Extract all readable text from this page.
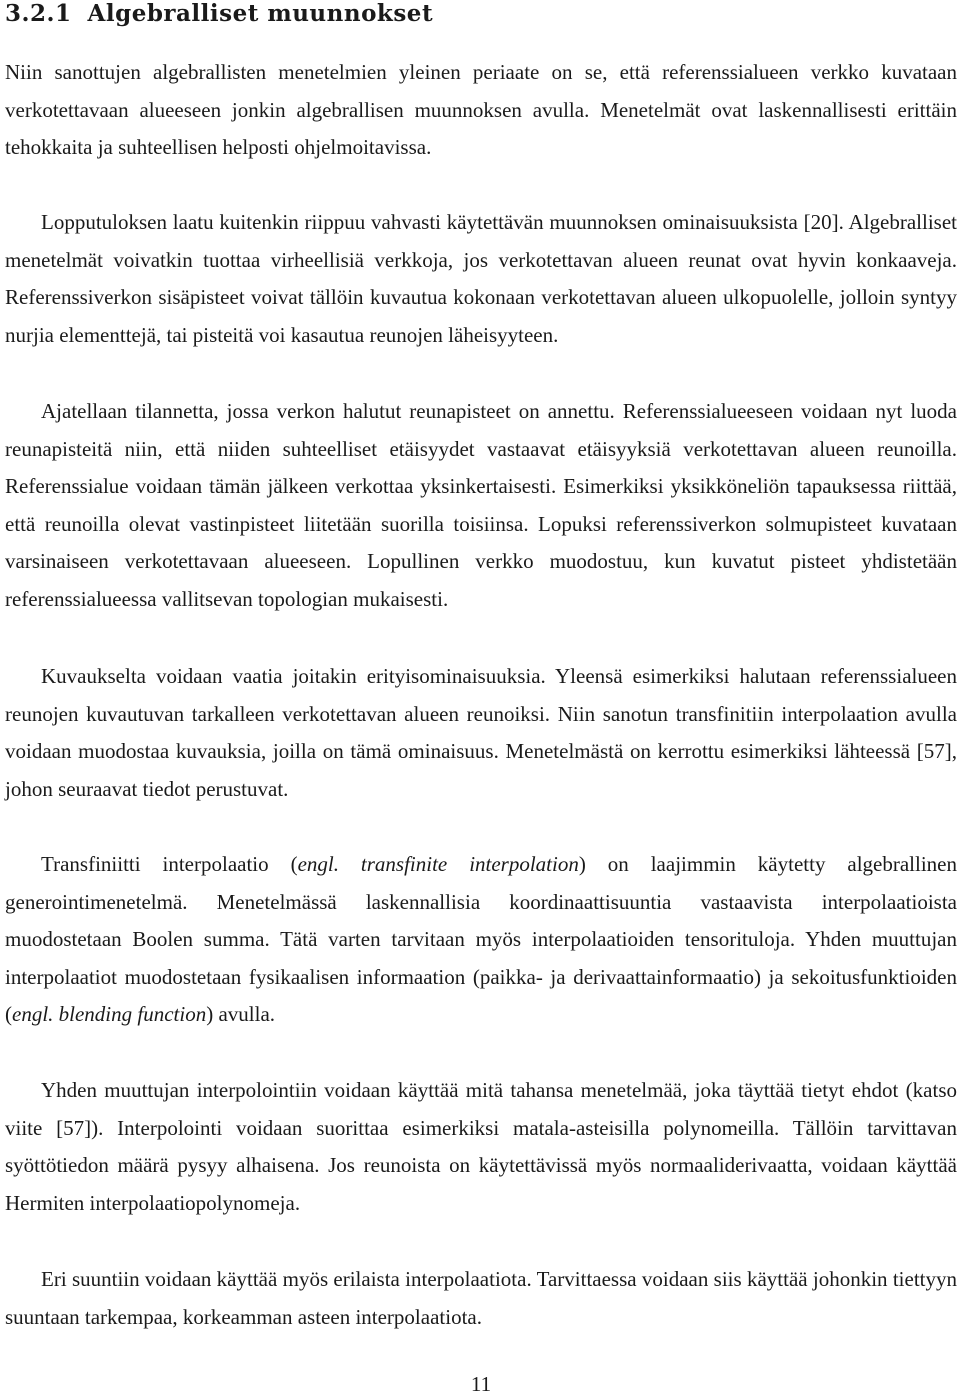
3.2.1 Algebralliset muunnokset

Niin sanottujen algebrallisten menetelmien yleinen periaate on se, että referenssialueen verkko kuvataan verkotettavaan alueeseen jonkin algebrallisen muunnoksen avulla. Menetelmät ovat laskennallisesti erittäin tehokkaita ja suhteellisen helposti ohjelmoitavissa.

Lopputuloksen laatu kuitenkin riippuu vahvasti käytettävän muunnoksen ominaisuuksista [20]. Algebralliset menetelmät voivatkin tuottaa virheellisiä verkkoja, jos verkotettavan alueen reunat ovat hyvin konkaaveja. Referenssiverkon sisäpisteet voivat tällöin kuvautua kokonaan verkotettavan alueen ulkopuolelle, jolloin syntyy nurjia elementtejä, tai pisteitä voi kasautua reunojen läheisyyteen.

Ajatellaan tilannetta, jossa verkon halutut reunapisteet on annettu. Referenssialueeseen voidaan nyt luoda reunapisteitä niin, että niiden suhteelliset etäisyydet vastaavat etäisyyksiä verkotettavan alueen reunoilla. Referenssialue voidaan tämän jälkeen verkottaa yksinkertaisesti. Esimerkiksi yksikköneliön tapauksessa riittää, että reunoilla olevat vastinpisteet liitetään suorilla toisiinsa. Lopuksi referenssiverkon solmupisteet kuvataan varsinaiseen verkotettavaan alueeseen. Lopullinen verkko muodostuu, kun kuvatut pisteet yhdistetään referenssialueessa vallitsevan topologian mukaisesti.

Kuvaukselta voidaan vaatia joitakin erityisominaisuuksia. Yleensä esimerkiksi halutaan referenssialueen reunojen kuvautuvan tarkalleen verkotettavan alueen reunoiksi. Niin sanotun transfinitiin interpolaation avulla voidaan muodostaa kuvauksia, joilla on tämä ominaisuus. Menetelmästä on kerrottu esimerkiksi lähteessä [57], johon seuraavat tiedot perustuvat.

Transfiniitti interpolaatio (engl. transfinite interpolation) on laajimmin käytetty algebrallinen generointimenetelmä. Menetelmässä laskennallisia koordinaattisuuntia vastaavista interpolaatioista muodostetaan Boolen summa. Tätä varten tarvitaan myös interpolaatioiden tensorituloja. Yhden muuttujan interpolaatiot muodostetaan fysikaalisen informaation (paikka- ja derivaattainformaatio) ja sekoitusfunktioiden (engl. blending function) avulla.

Yhden muuttujan interpolointiin voidaan käyttää mitä tahansa menetelmää, joka täyttää tietyt ehdot (katso viite [57]). Interpolointi voidaan suorittaa esimerkiksi matala-asteisilla polynomeilla. Tällöin tarvittavan syöttötiedon määrä pysyy alhaisena. Jos reunoista on käytettävissä myös normaaliderivaatta, voidaan käyttää Hermiten interpolaatiopolynomeja.

Eri suuntiin voidaan käyttää myös erilaista interpolaatiota. Tarvittaessa voidaan siis käyttää johonkin tiettyyn suuntaan tarkempaa, korkeamman asteen interpolaatiota.

11
